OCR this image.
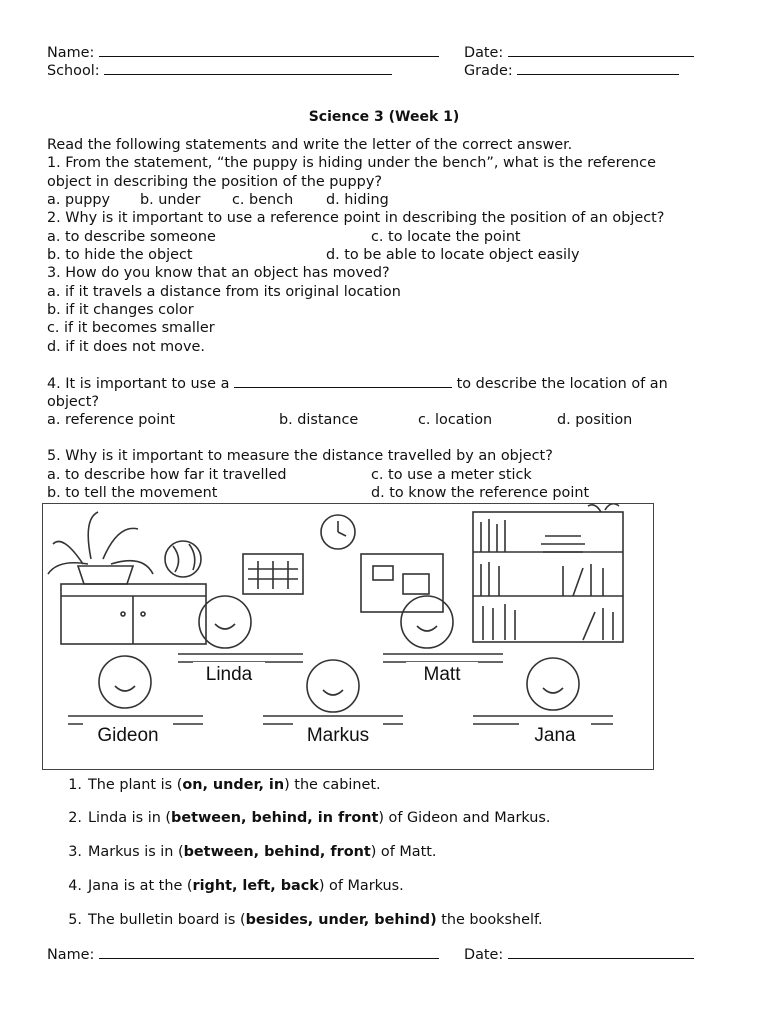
Name:	Date:
School:	Grade:
Science 3 (Week 1)
Read the following statements and write the letter of the correct answer.
1. From the statement, “the puppy is hiding under the bench”, what is the reference
object in describing the position of the puppy?
a. puppy b. under c. bench d. hiding
2. Why is it important to use a reference point in describing the position of an object?
a. to describe someone	c. to locate the point
b. to hide the object	d. to be able to locate object easily
3. How do you know that an object has moved?
a. if it travels a distance from its original location
b. if it changes color
c. if it becomes smaller
d. if it does not move.
4. It is important to use a	to describe the location of an
object?
a. reference point	b. distance	c. location	d. position
5. Why is it important to measure the distance travelled by an object?
a. to describe how far it travelled	c. to use a meter stick
b. to tell the movement	d. to know the reference point
Linda	Matt
Gideon	Markus	Jana
1. The plant is (on, under, in) the cabinet.
2. Linda is in (between, behind, in front) of Gideon and Markus.
3. Markus is in (between, behind, front) of Matt.
4. Jana is at the (right, left, back) of Markus.
5. The bulletin board is (besides, under, behind) the bookshelf.
Name:	Date:
